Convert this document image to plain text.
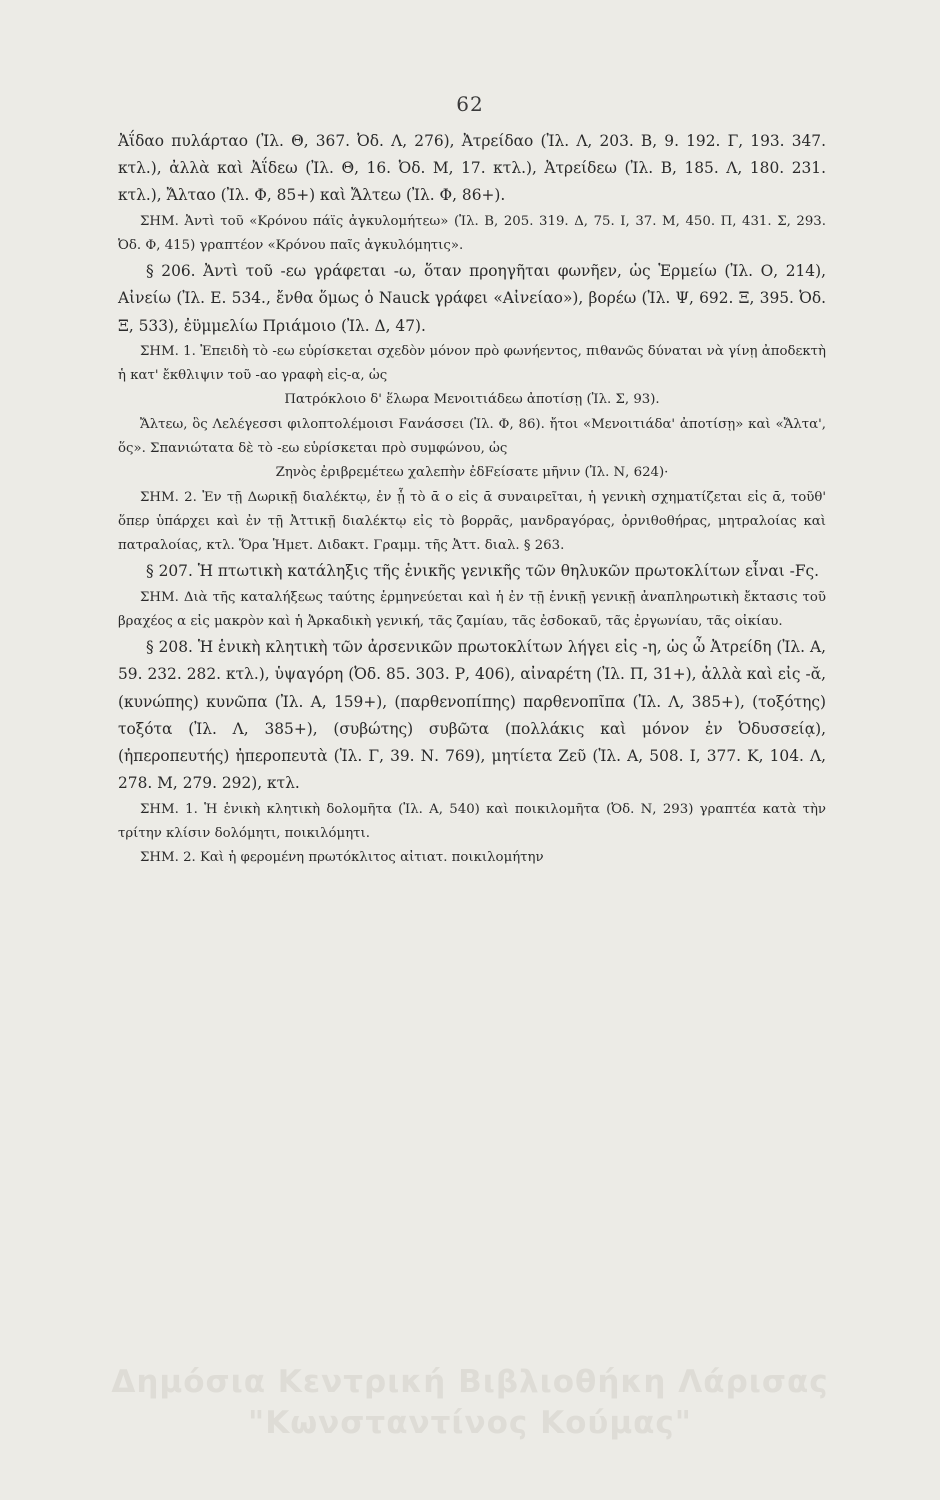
62

Ἀΐδαο πυλάρταο (Ἰλ. Θ, 367. Ὀδ. Λ, 276), Ἀτρείδαο (Ἰλ. Λ, 203. Β, 9. 192. Γ, 193. 347. κτλ.), ἀλλὰ καὶ Ἀΐδεω (Ἰλ. Θ, 16. Ὀδ. Μ, 17. κτλ.), Ἀτρείδεω (Ἰλ. Β, 185. Λ, 180. 231. κτλ.), Ἄλταο (Ἰλ. Φ, 85+) καὶ Ἄλτεω (Ἰλ. Φ, 86+).

ΣΗΜ. Ἀντὶ τοῦ «Κρόνου πάϊς ἀγκυλομήτεω» (Ἰλ. Β, 205. 319. Δ, 75. Ι, 37. Μ, 450. Π, 431. Σ, 293. Ὀδ. Φ, 415) γραπτέον «Κρόνου παῖς ἀγκυλόμητις».

§ 206. Ἀντὶ τοῦ -εω γράφεται -ω, ὅταν προηγῆται φωνῆεν, ὡς Ἑρμείω (Ἰλ. Ο, 214), Αἰνείω (Ἰλ. Ε. 534., ἔνθα ὅμως ὁ Nauck γράφει «Αἰνείαο»), βορέω (Ἰλ. Ψ, 692. Ξ, 395. Ὀδ. Ξ, 533), ἐϋμμελίω Πριάμοιο (Ἰλ. Δ, 47).

ΣΗΜ. 1. Ἐπειδὴ τὸ -εω εὑρίσκεται σχεδὸν μόνον πρὸ φωνήεντος, πιθανῶς δύναται νὰ γίνῃ ἀποδεκτὴ ἡ κατ' ἔκθλιψιν τοῦ -αο γραφὴ εἰς-α, ὡς

Πατρόκλοιο δ' ἕλωρα Μενοιτιάδεω ἀποτίσῃ (Ἰλ. Σ, 93).

Ἄλτεω, ὃς Λελέγεσσι φιλοπτολέμοισι Fανάσσει (Ἰλ. Φ, 86). ἤτοι «Μενοιτιάδα' ἀποτίσῃ» καὶ «Ἄλτα', ὅς». Σπανιώτατα δὲ τὸ -εω εὑρίσκεται πρὸ συμφώνου, ὡς

Ζηνὸς ἐριβρεμέτεω χαλεπὴν ἐδFείσατε μῆνιν (Ἰλ. Ν, 624)·

ΣΗΜ. 2. Ἐν τῇ Δωρικῇ διαλέκτῳ, ἐν ᾗ τὸ ᾱ ο εἰς ᾱ συναιρεῖται, ἡ γενικὴ σχηματίζεται εἰς ᾱ, τοῦθ' ὅπερ ὑπάρχει καὶ ἐν τῇ Ἀττικῇ διαλέκτῳ εἰς τὸ βορρᾶς, μανδραγόρας, ὀρνιθοθήρας, μητραλοίας καὶ πατραλοίας, κτλ. Ὅρα Ἡμετ. Διδακτ. Γραμμ. τῆς Ἀττ. διαλ. § 263.

§ 207. Ἡ πτωτικὴ κατάληξις τῆς ἑνικῆς γενικῆς τῶν θηλυκῶν πρωτοκλίτων εἶναι -Fς.

ΣΗΜ. Διὰ τῆς καταλήξεως ταύτης ἑρμηνεύεται καὶ ἡ ἐν τῇ ἑνικῇ γενικῇ ἀναπληρωτικὴ ἔκτασις τοῦ βραχέος α εἰς μακρὸν καὶ ἡ Ἀρκαδικὴ γενική, τᾶς ζαμίαυ, τᾶς ἐσδοκαῦ, τᾶς ἐργωνίαυ, τᾶς οἰκίαυ.

§ 208. Ἡ ἑνικὴ κλητικὴ τῶν ἀρσενικῶν πρωτοκλίτων λήγει εἰς -η, ὡς ὦ Ἀτρείδη (Ἰλ. Α, 59. 232. 282. κτλ.), ὑψαγόρη (Ὀδ. 85. 303. Ρ, 406), αἰναρέτη (Ἰλ. Π, 31+), ἀλλὰ καὶ εἰς -ᾰ, (κυνώπης) κυνῶπα (Ἰλ. Α, 159+), (παρθενοπίπης) παρθενοπῖπα (Ἰλ. Λ, 385+), (τοξότης) τοξότα (Ἰλ. Λ, 385+), (συβώτης) συβῶτα (πολλάκις καὶ μόνον ἐν Ὀδυσσείᾳ), (ἠπεροπευτής) ἠπεροπευτὰ (Ἰλ. Γ, 39. Ν. 769), μητίετα Ζεῦ (Ἰλ. Α, 508. Ι, 377. Κ, 104. Λ, 278. Μ, 279. 292), κτλ.

ΣΗΜ. 1. Ἡ ἑνικὴ κλητικὴ δολομῆτα (Ἰλ. Α, 540) καὶ ποικιλομῆτα (Ὀδ. Ν, 293) γραπτέα κατὰ τὴν τρίτην κλίσιν δολόμητι, ποικιλόμητι.

ΣΗΜ. 2. Καὶ ἡ φερομένη πρωτόκλιτος αἰτιατ. ποικιλομήτην

Δημόσια Κεντρική Βιβλιοθήκη Λάρισας
"Κωνσταντίνος Κούμας"
